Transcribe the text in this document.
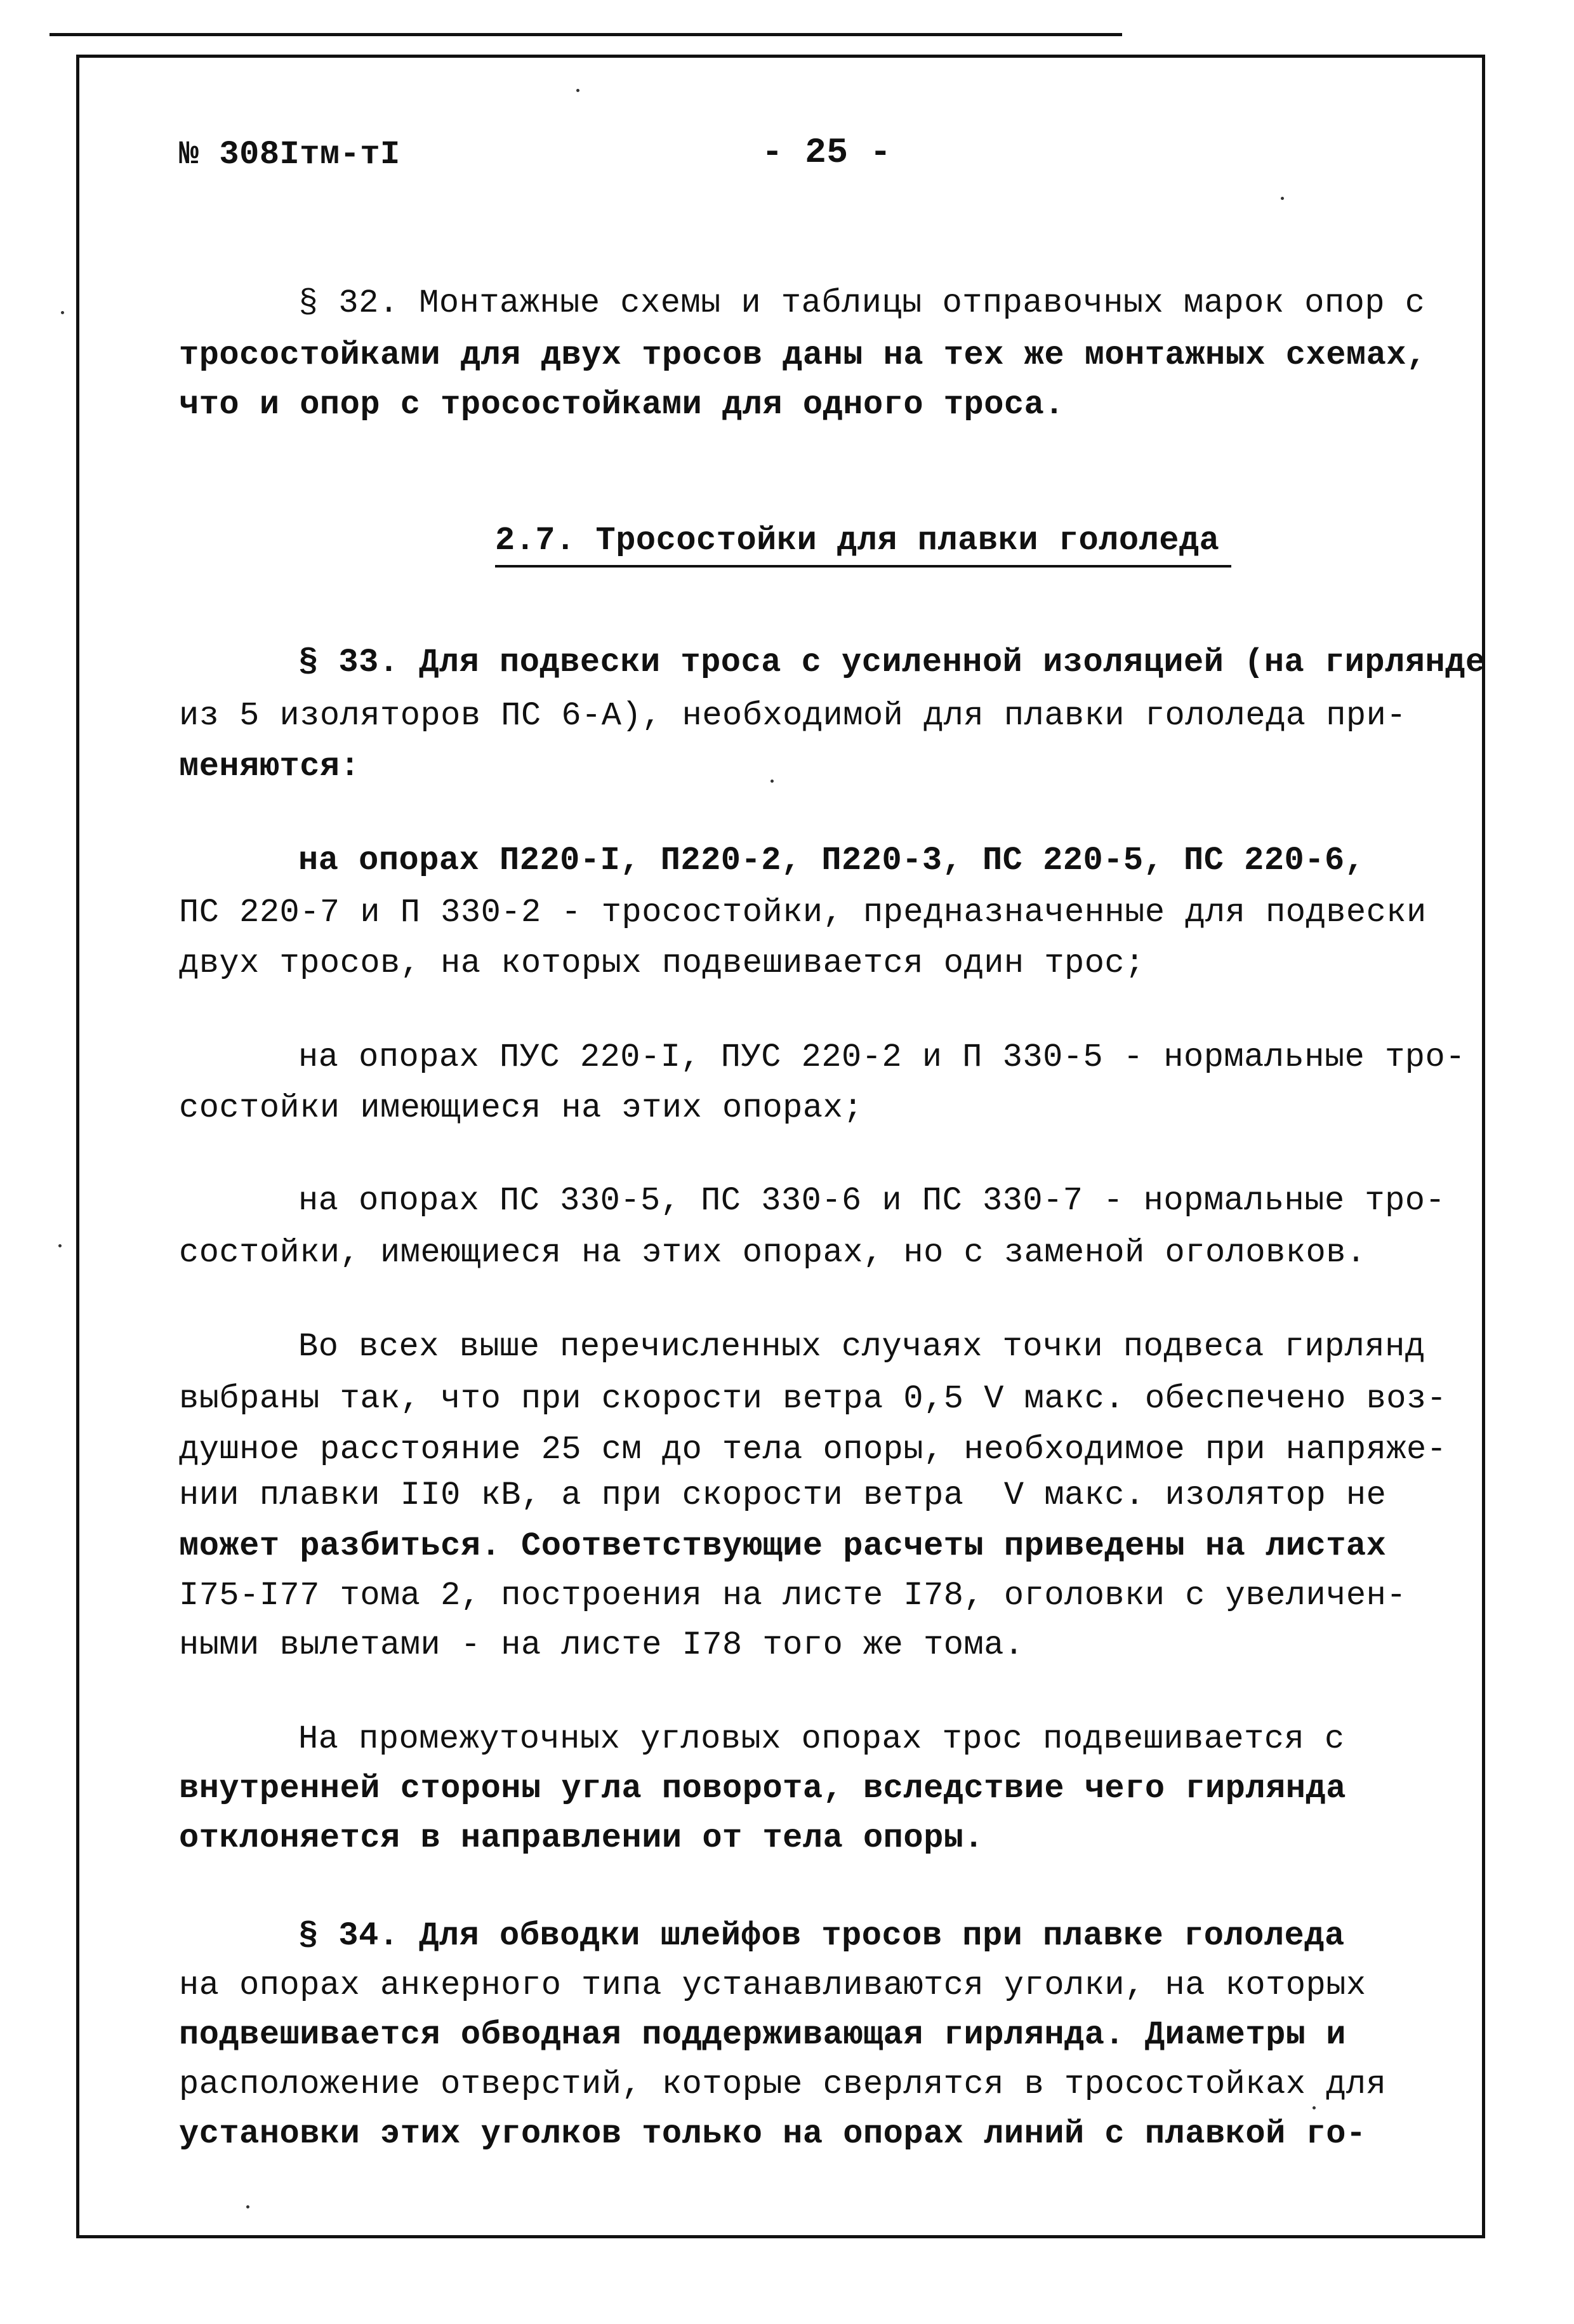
№ 308Ітм-тІ	- 25 -
§ 32. Монтажные схемы и таблицы отправочных марок опор с
тросостойками для двух тросов даны на тех же монтажных схемах,
что и опор с тросостойками для одного троса.
2.7. Тросостойки для плавки гололеда
§ 33. Для подвески троса с усиленной изоляцией (на гирлянде
из 5 изоляторов ПС 6-А), необходимой для плавки гололеда при-
меняются:
на опорах П220-І, П220-2, П220-3, ПС 220-5, ПС 220-6,
ПС 220-7 и П 330-2 - тросостойки, предназначенные для подвески
двух тросов, на которых подвешивается один трос;
на опорах ПУС 220-І, ПУС 220-2 и П 330-5 - нормальные тро-
состойки имеющиеся на этих опорах;
на опорах ПС 330-5, ПС 330-6 и ПС 330-7 - нормальные тро-
состойки, имеющиеся на этих опорах, но с заменой оголовков.
Во всех выше перечисленных случаях точки подвеса гирлянд
выбраны так, что при скорости ветра 0,5 V макс. обеспечено воз-
душное расстояние 25 см до тела опоры, необходимое при напряже-
нии плавки ІІ0 кВ, а при скорости ветра  V макс. изолятор не
может разбиться. Соответствующие расчеты приведены на листах
І75-І77 тома 2, построения на листе І78, оголовки с увеличен-
ными вылетами - на листе І78 того же тома.
На промежуточных угловых опорах трос подвешивается с
внутренней стороны угла поворота, вследствие чего гирлянда
отклоняется в направлении от тела опоры.
§ 34. Для обводки шлейфов тросов при плавке гололеда
на опорах анкерного типа устанавливаются уголки, на которых
подвешивается обводная поддерживающая гирлянда. Диаметры и
расположение отверстий, которые сверлятся в тросостойках для
установки этих уголков только на опорах линий с плавкой го-
